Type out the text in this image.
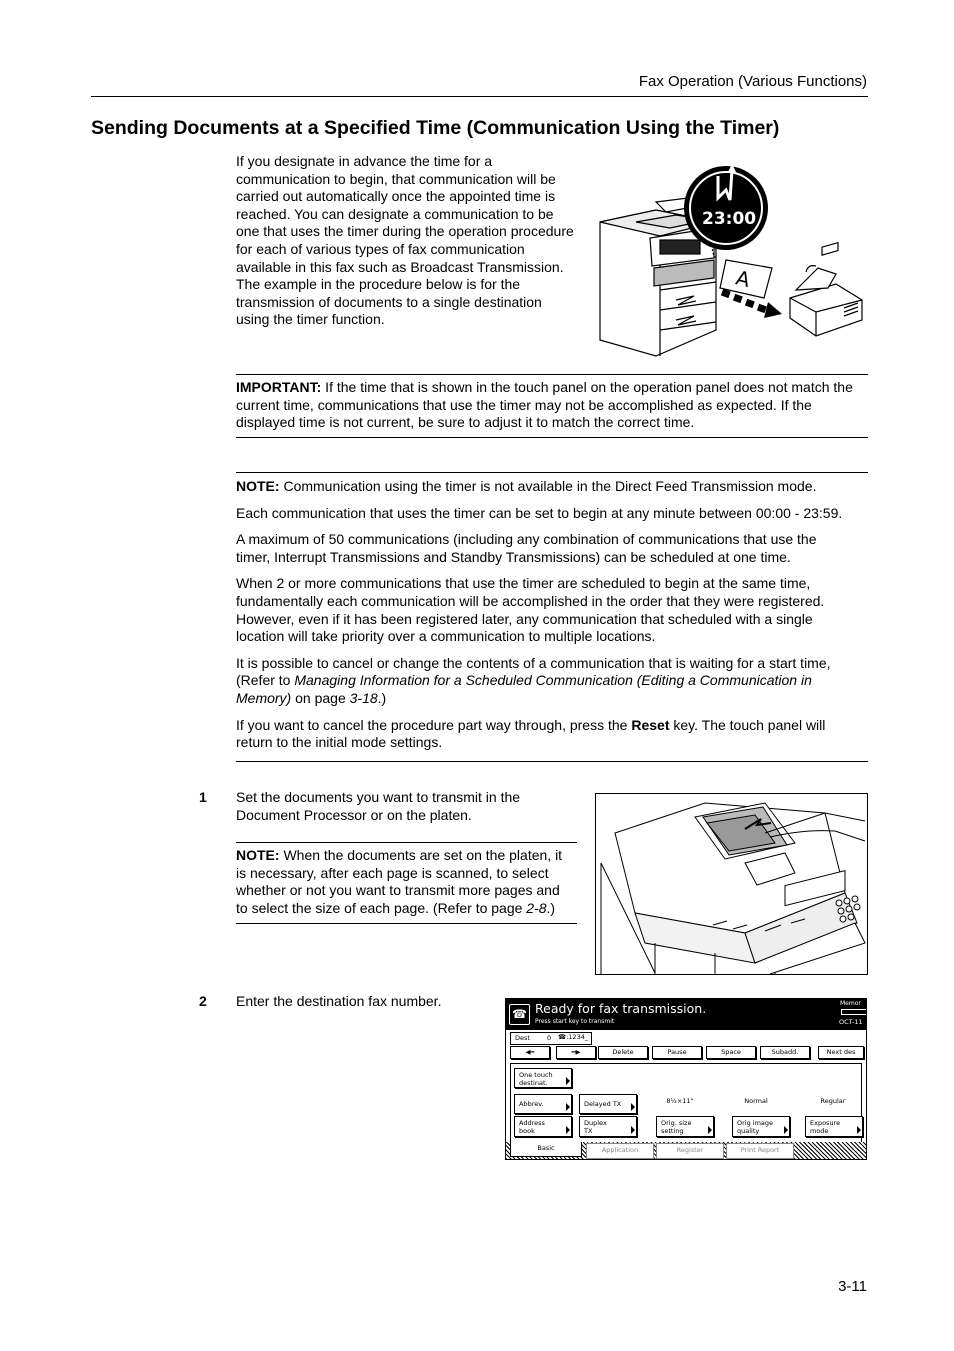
Fax Operation (Various Functions)
Sending Documents at a Specified Time (Communication Using the Timer)
If you designate in advance the time for a
communication to begin, that communication will be
carried out automatically once the appointed time is
reached. You can designate a communication to be
one that uses the timer during the operation procedure
for each of various types of fax communication
available in this fax such as Broadcast Transmission.
The example in the procedure below is for the
transmission of documents to a single destination
using the timer function.
23:00
A
IMPORTANT: If the time that is shown in the touch panel on the operation panel does not match the
current time, communications that use the timer may not be accomplished as expected. If the
displayed time is not current, be sure to adjust it to match the correct time.
NOTE: Communication using the timer is not available in the Direct Feed Transmission mode.
Each communication that uses the timer can be set to begin at any minute between 00:00 - 23:59.
A maximum of 50 communications (including any combination of communications that use the
timer, Interrupt Transmissions and Standby Transmissions) can be scheduled at one time.
When 2 or more communications that use the timer are scheduled to begin at the same time,
fundamentally each communication will be accomplished in the order that they were registered.
However, even if it has been registered later, any communication that scheduled with a single
location will take priority over a communication to multiple locations.
It is possible to cancel or change the contents of a communication that is waiting for a start time,
(Refer to Managing Information for a Scheduled Communication (Editing a Communication in
Memory) on page 3-18.)
If you want to cancel the procedure part way through, press the Reset key. The touch panel will
return to the initial mode settings.
1 Set the documents you want to transmit in the
Document Processor or on the platen.
NOTE: When the documents are set on the platen, it
is necessary, after each page is scanned, to select
whether or not you want to transmit more pages and
to select the size of each page. (Refer to page 2-8.)
2 Enter the destination fax number.
☎ Ready for fax transmission.
Press start key to transmit
Memor
OCT-11
Dest	0 ☎:1234_
◀━	━▶	Delete	Pause	Space	Subadd.	Next des
One touch destinat.
Abbrev.	Delayed TX	8½×11"	Normal	Regular
Address
book
Duplex
TX
Orig. size
setting
Orig image
quality
Exposure
mode
Basic	Application	Register	Print Report
3-11
